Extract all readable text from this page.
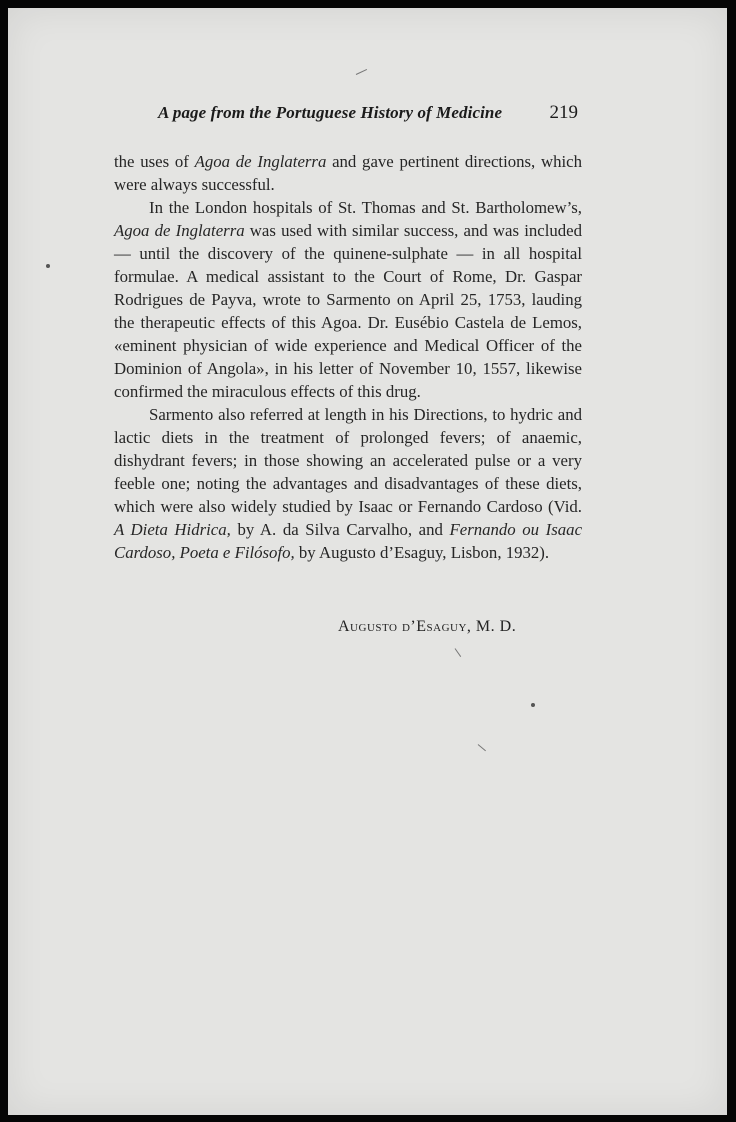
A page from the Portuguese History of Medicine 219

the uses of Agoa de Inglaterra and gave pertinent directions, which were always successful.

In the London hospitals of St. Thomas and St. Bartholomew’s, Agoa de Inglaterra was used with similar success, and was included — until the discovery of the quinene-sulphate — in all hospital formulae. A medical assistant to the Court of Rome, Dr. Gaspar Rodrigues de Payva, wrote to Sarmento on April 25, 1753, lauding the therapeutic effects of this Agoa. Dr. Eusébio Castela de Lemos, «eminent physician of wide experience and Medical Officer of the Dominion of Angola», in his letter of November 10, 1557, likewise confirmed the miraculous effects of this drug.

Sarmento also referred at length in his Directions, to hydric and lactic diets in the treatment of prolonged fevers; of anaemic, dishydrant fevers; in those showing an accelerated pulse or a very feeble one; noting the advantages and disadvantages of these diets, which were also widely studied by Isaac or Fernando Cardoso (Vid. A Dieta Hidrica, by A. da Silva Carvalho, and Fernando ou Isaac Cardoso, Poeta e Filósofo, by Augusto d’Esaguy, Lisbon, 1932).

Augusto d’Esaguy, M. D.
